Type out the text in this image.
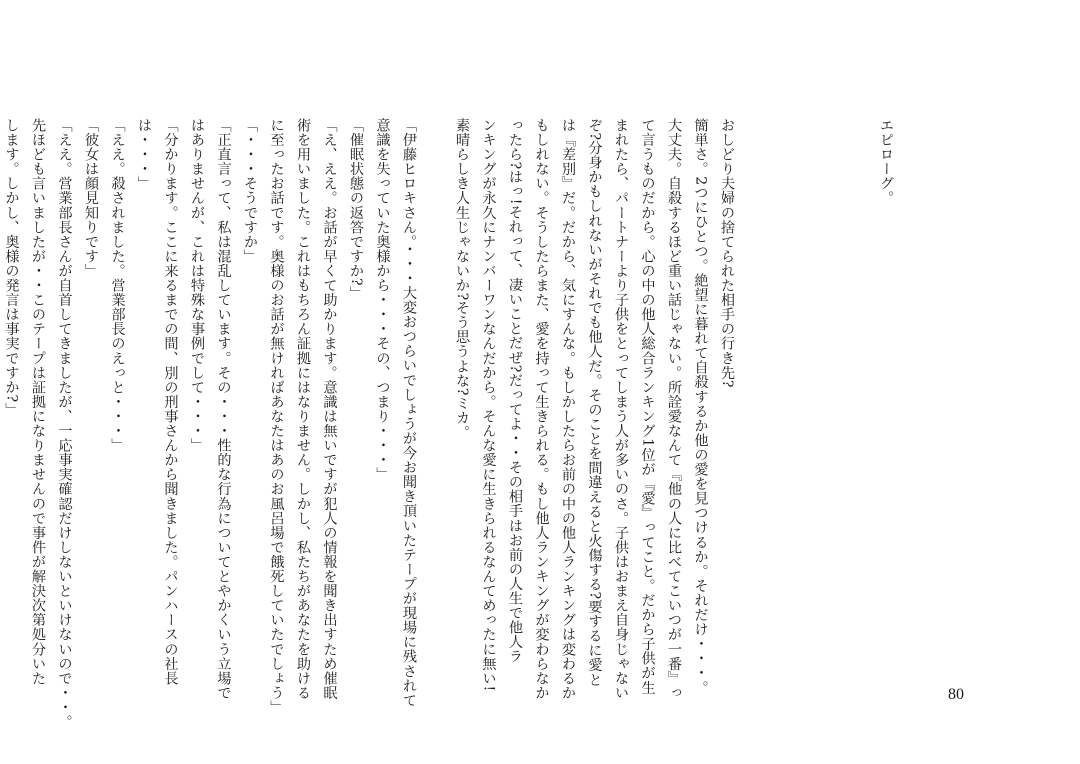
エピローグ。

おしどり夫婦の捨てられた相手の行き先?
簡単さ。2つにひとつ。絶望に暮れて自殺するか他の愛を見つけるか。それだけ・・・。
大丈夫。自殺するほど重い話じゃない。所詮愛なんて『他の人に比べてこいつが一番』っ
て言うものだから。心の中の他人総合ランキング1位が『愛』ってこと。だから子供が生
まれたら、パートナーより子供をとってしまう人が多いのさ。子供はおまえ自身じゃない
ぞ?分身かもしれないがそれでも他人だ。そのことを間違えると火傷する?要するに愛と
は『差別』だ。だから、気にすんな。もしかしたらお前の中の他人ランキングは変わるか
もしれない。そうしたらまた、愛を持って生きられる。もし他人ランキングが変わらなか
ったら?はっ!それって、凄いことだぜ?だってよ・・その相手はお前の人生で他人ラ
ンキングが永久にナンバーワンなんだから。そんな愛に生きられるなんてめったに無い!
素晴らしき人生じゃないか?そう思うよな?ミカ。
「伊藤ヒロキさん。・・・大変おつらいでしょうが今お聞き頂いたテープが現場に残されて
意識を失っていた奥様から・・・その、つまり・・・」
「催眠状態の返答ですか?」
「え、ええ。お話が早くて助かります。意識は無いですが犯人の情報を聞き出すため催眠
術を用いました。これはもちろん証拠にはなりません。しかし、私たちがあなたを助ける
に至ったお話です。奥様のお話が無ければあなたはあのお風呂場で餓死していたでしょう」
「・・・そうですか」
「正直言って、私は混乱しています。その・・・性的な行為についてとやかくいう立場で
はありませんが、これは特殊な事例でして・・・」
「分かります。ここに来るまでの間、別の刑事さんから聞きました。パンハースの社長
は・・・」
「ええ。殺されました。営業部長のえっと・・・」
「彼女は顔見知りです」
「ええ。営業部長さんが自首してきましたが、一応事実確認だけしないといけないので・・。
先ほども言いましたが・・このテープは証拠になりませんので事件が解決次第処分いた
します。しかし、奥様の発言は事実ですか?」
80
